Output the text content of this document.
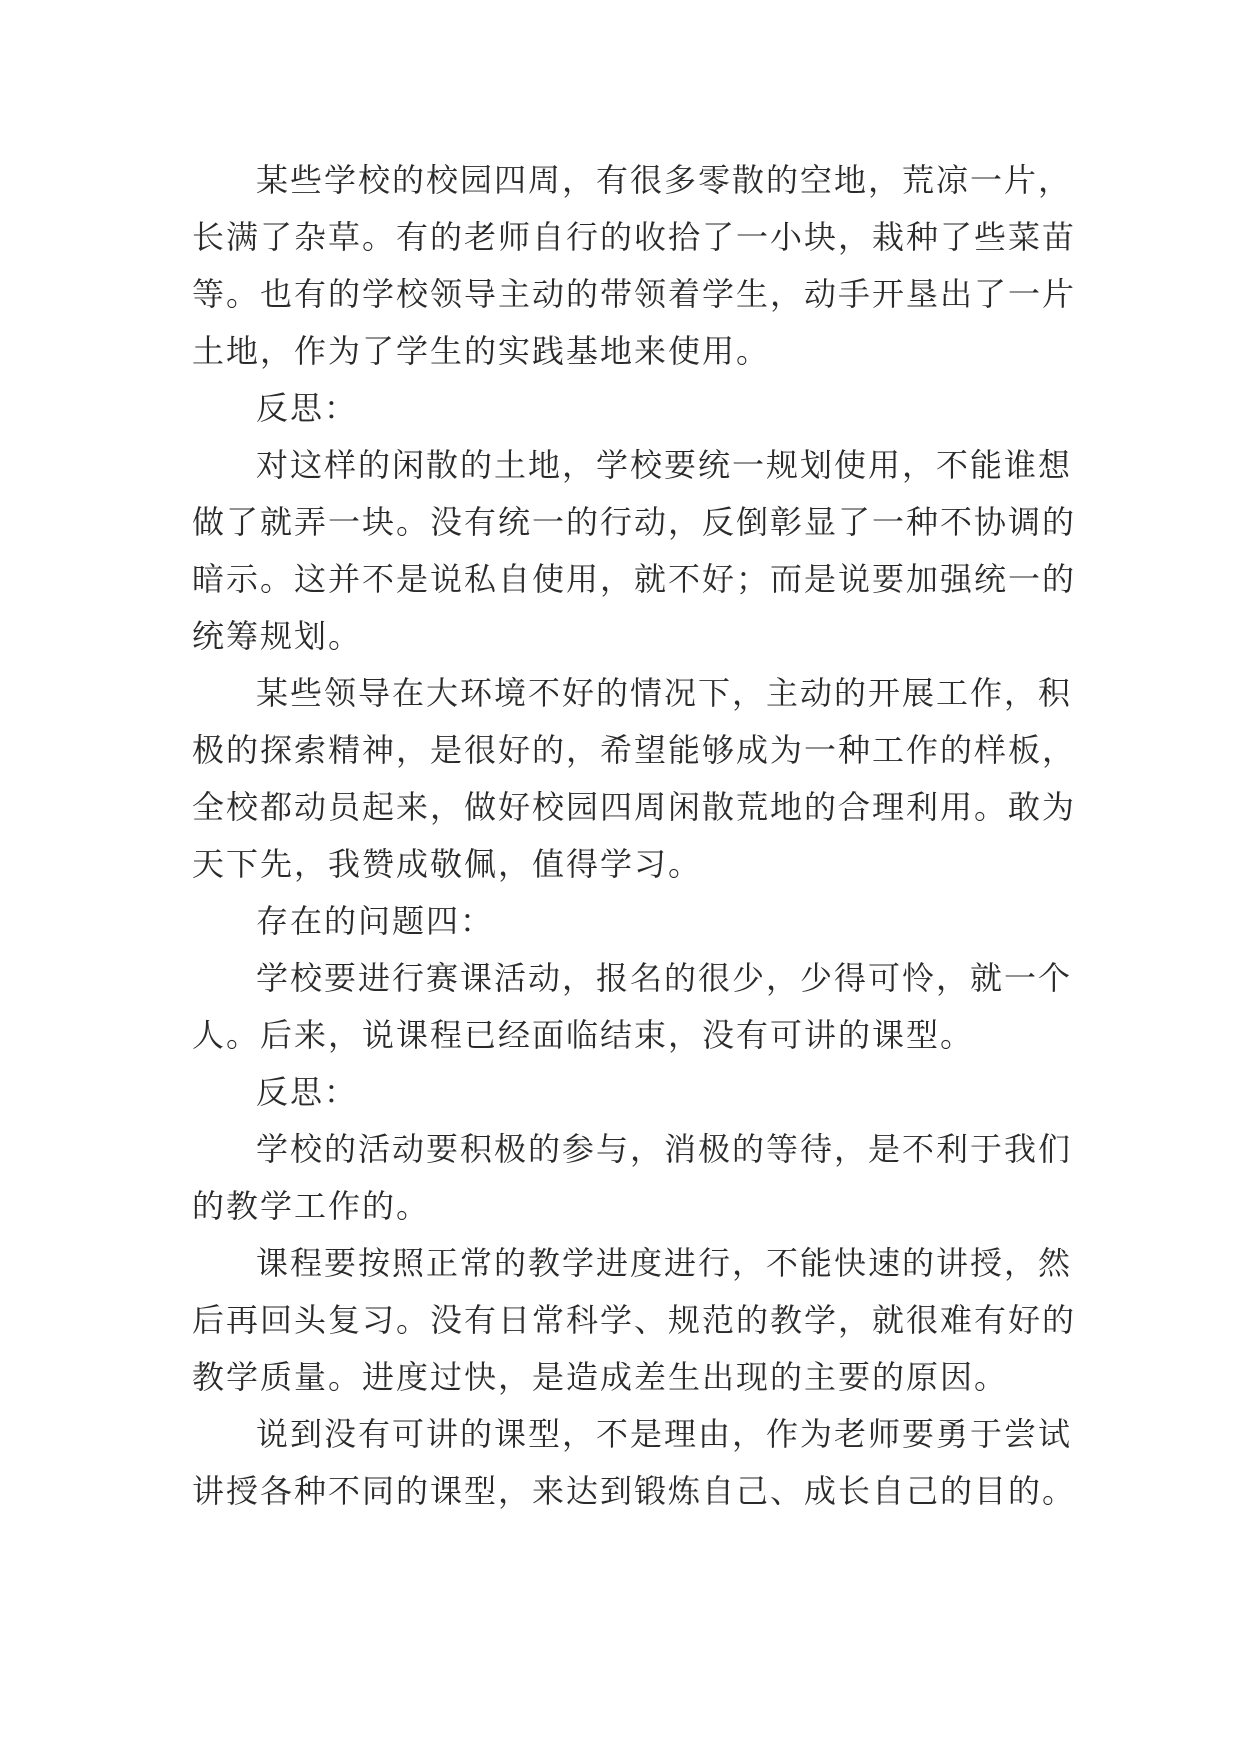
某些学校的校园四周，有很多零散的空地，荒凉一片，
长满了杂草。有的老师自行的收拾了一小块，栽种了些菜苗
等。也有的学校领导主动的带领着学生，动手开垦出了一片
土地，作为了学生的实践基地来使用。

反思：

对这样的闲散的土地，学校要统一规划使用，不能谁想
做了就弄一块。没有统一的行动，反倒彰显了一种不协调的
暗示。这并不是说私自使用，就不好；而是说要加强统一的
统筹规划。

某些领导在大环境不好的情况下，主动的开展工作，积
极的探索精神，是很好的，希望能够成为一种工作的样板，
全校都动员起来，做好校园四周闲散荒地的合理利用。敢为
天下先，我赞成敬佩，值得学习。

存在的问题四：

学校要进行赛课活动，报名的很少，少得可怜，就一个
人。后来，说课程已经面临结束，没有可讲的课型。

反思：

学校的活动要积极的参与，消极的等待，是不利于我们
的教学工作的。

课程要按照正常的教学进度进行，不能快速的讲授，然
后再回头复习。没有日常科学、规范的教学，就很难有好的
教学质量。进度过快，是造成差生出现的主要的原因。

说到没有可讲的课型，不是理由，作为老师要勇于尝试
讲授各种不同的课型，来达到锻炼自己、成长自己的目的。
